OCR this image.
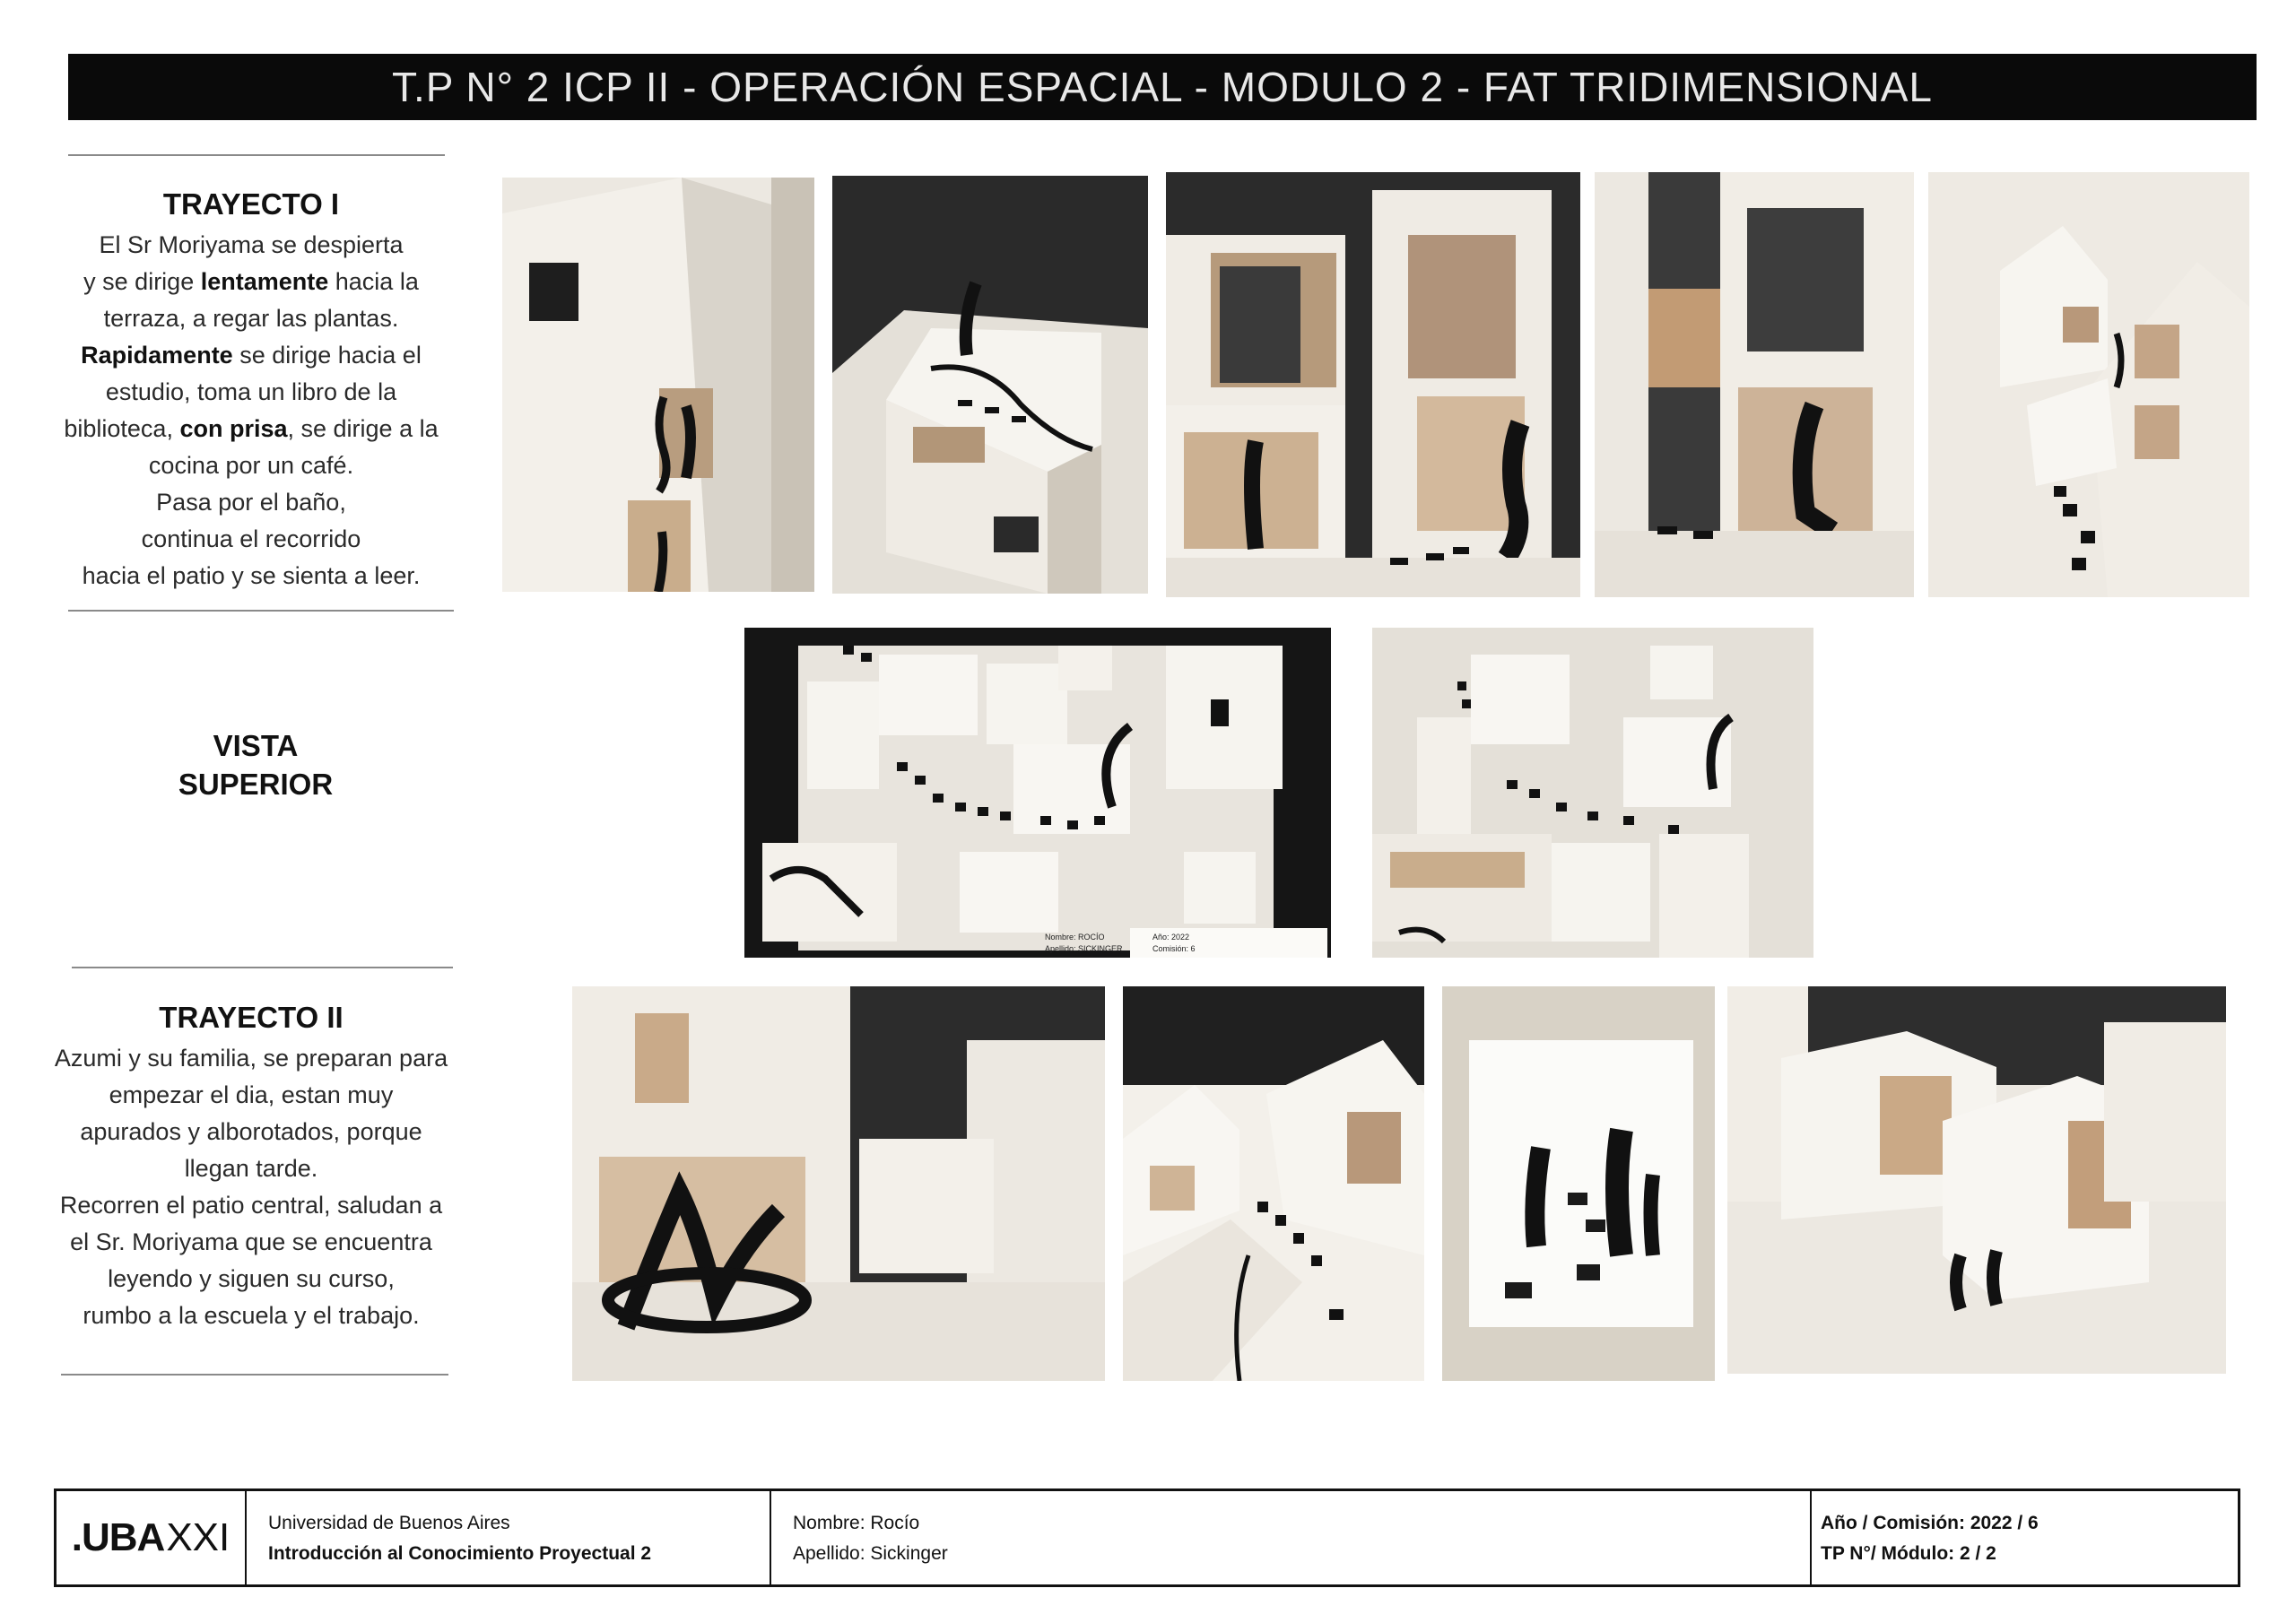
T.P N° 2 ICP II - OPERACIÓN ESPACIAL - MODULO 2 - FAT TRIDIMENSIONAL
TRAYECTO I
El Sr Moriyama se despierta
y se dirige lentamente hacia la
terraza, a regar las plantas.
Rapidamente se dirige hacia el
estudio, toma un libro de la
biblioteca, con prisa, se dirige a la
cocina por un café.
Pasa por el baño,
continua el recorrido
hacia el patio y se sienta a leer.
VISTA
SUPERIOR
TRAYECTO II
Azumi y su familia, se preparan para
empezar el dia, estan muy
apurados y alborotados, porque
llegan tarde.
Recorren el patio central, saludan a
el Sr. Moriyama que se encuentra
leyendo y siguen su curso,
rumbo a la escuela y el trabajo.
Año: 2022
Comisión: 6
Nombre: ROCÍO
Apellido: SICKINGER
.UBA XXI Universidad de Buenos Aires
Introducción al Conocimiento Proyectual 2
Nombre: Rocío
Apellido: Sickinger
Año / Comisión: 2022 / 6
TP N°/ Módulo: 2 / 2
